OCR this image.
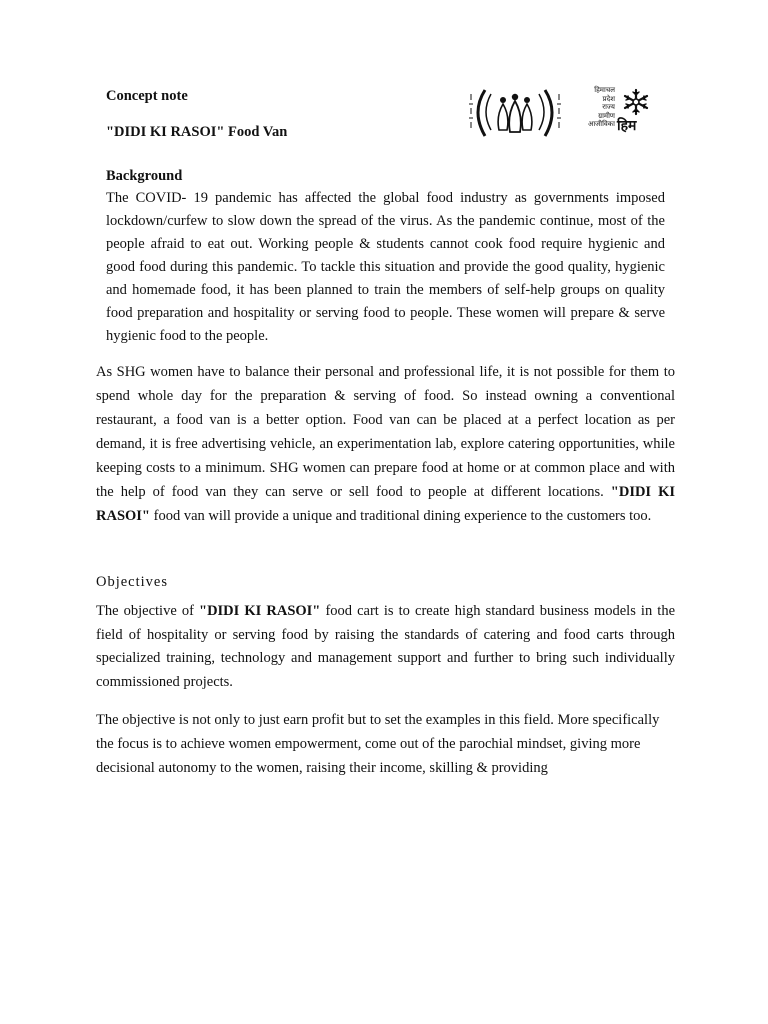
Concept note
"DIDI KI RASOI" Food Van
हिमाचल
प्रदेश
राज्य
ग्रामीण
आजीविका हिम
Background

The COVID- 19 pandemic has affected the global food industry as governments imposed lockdown/curfew to slow down the spread of the virus. As the pandemic continue, most of the people afraid to eat out. Working people & students cannot cook food require hygienic and good food during this pandemic. To tackle this situation and provide the good quality, hygienic and homemade food, it has been planned to train the members of self-help groups on quality food preparation and hospitality or serving food to people. These women will prepare & serve hygienic food to the people.

As SHG women have to balance their personal and professional life, it is not possible for them to spend whole day for the preparation & serving of food. So instead owning a conventional restaurant, a food van is a better option. Food van can be placed at a perfect location as per demand, it is free advertising vehicle, an experimentation lab, explore catering opportunities, while keeping costs to a minimum. SHG women can prepare food at home or at common place and with the help of food van they can serve or sell food to people at different locations. "DIDI KI RASOI" food van will provide a unique and traditional dining experience to the customers too.

Objectives

The objective of "DIDI KI RASOI" food cart is to create high standard business models in the field of hospitality or serving food by raising the standards of catering and food carts through specialized training, technology and management support and further to bring such individually commissioned projects.

The objective is not only to just earn profit but to set the examples in this field. More specifically the focus is to achieve women empowerment, come out of the parochial mindset, giving more decisional autonomy to the women, raising their income, skilling & providing
